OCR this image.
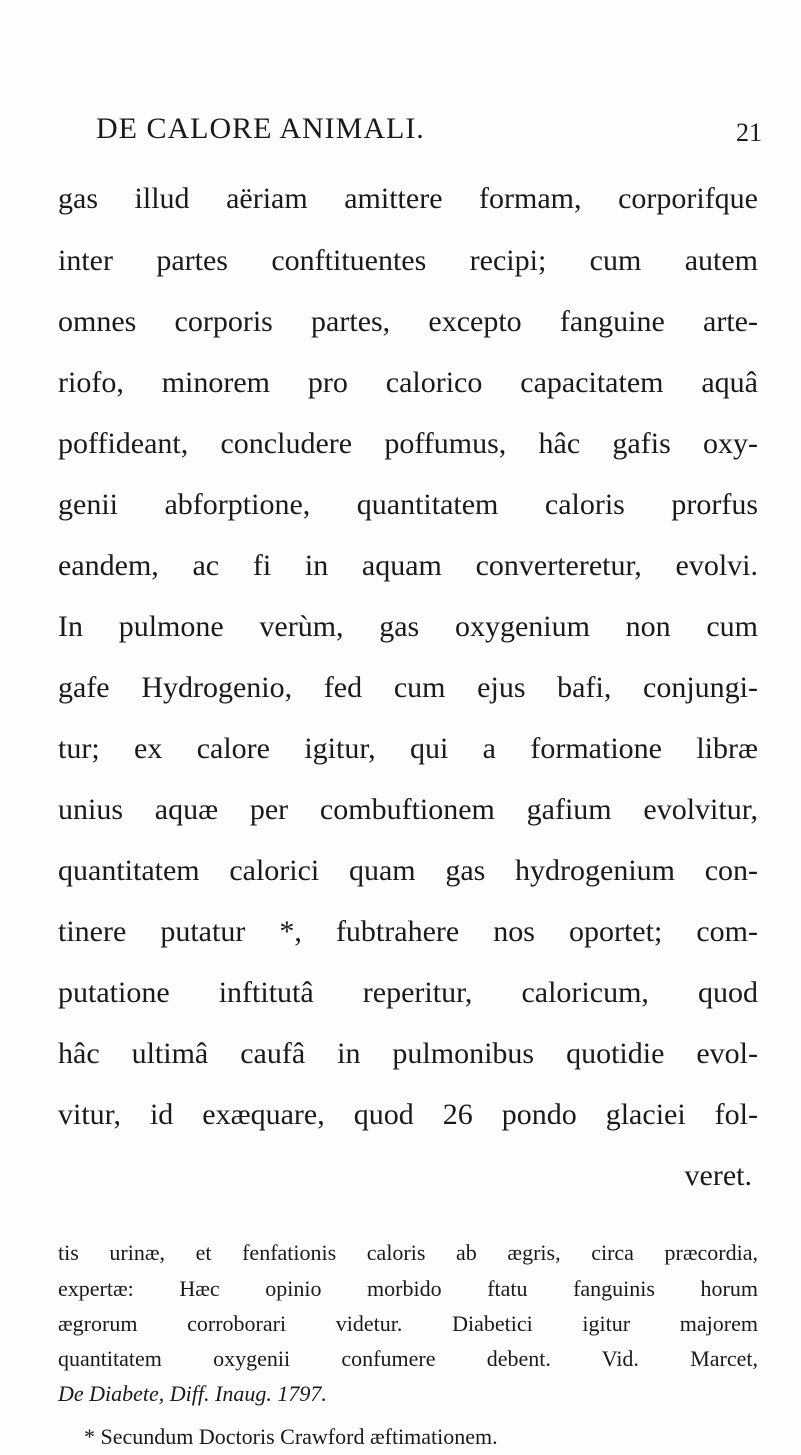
DE CALORE ANIMALI.	21
gas illud aëriam amittere formam, corporifque
inter partes conftituentes recipi; cum autem
omnes corporis partes, excepto fanguine arte-
riofo, minorem pro calorico capacitatem aquâ
poffideant, concludere poffumus, hâc gafis oxy-
genii abforptione, quantitatem caloris prorfus
eandem, ac fi in aquam converteretur, evolvi.
In pulmone verùm, gas oxygenium non cum
gafe Hydrogenio, fed cum ejus bafi, conjungi-
tur; ex calore igitur, qui a formatione libræ
unius aquæ per combuftionem gafium evolvitur,
quantitatem calorici quam gas hydrogenium con-
tinere putatur *, fubtrahere nos oportet; com-
putatione inftitutâ reperitur, caloricum, quod
hâc ultimâ caufâ in pulmonibus quotidie evol-
vitur, id exæquare, quod 26 pondo glaciei fol-
veret.
tis urinæ, et fenfationis caloris ab ægris, circa præcordia,
expertæ: Hæc opinio morbido ftatu fanguinis horum
ægrorum corroborari videtur. Diabetici igitur majorem
quantitatem oxygenii confumere debent. Vid. Marcet,
De Diabete, Diff. Inaug. 1797.
* Secundum Doctoris Crawford æftimationem.
